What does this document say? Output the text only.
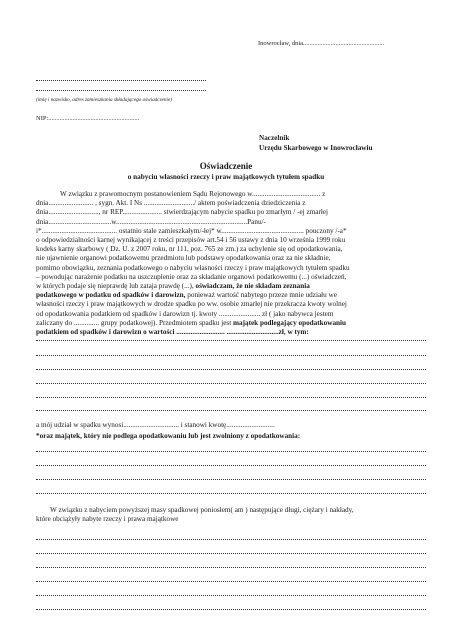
Inowrocław, dnia..................................................
(imię i nazwisko, adres zamieszkania składającego oświadczenie)
NIP:........................................................
Naczelnik
Urzędu Skarbowego w Inowrocławiu
Oświadczenie
o nabyciu własności rzeczy i praw majątkowych tytułem spadku
W związku z prawomocnym postanowieniem Sądu Rejonowego w...................................... z
dnia......................... , sygn. Akt. I Ns ............................/ aktem poświadczenia dziedziczenia z
dnia............................, nr REP...................... stwierdzającym nabycie spadku po zmarłym / -ej zmarłej
dnia...................................w.........................................................................Panu/-
i*.......................................... ostatnio stale zamieszkałym/-łej* w.............................................. pouczony /-a*
o odpowiedzialności karnej wynikającej z treści przepisów art.54 i 56 ustawy z dnia 10 września 1999 roku
kodeks karny skarbowy ( Dz. U. z 2007 roku, nr 111, poz. 765 ze zm.) za uchylenie się od opodatkowania,
nie ujawnienie organowi podatkowemu przedmiotu lub podstawy opodatkowania oraz za nie składnie,
pomimo obowiązku, zeznania podatkowego o nabyciu własności rzeczy i praw majątkowych tytułem spadku
– powodując narażenie podatku na uszczuplenie oraz za składanie organowi podatkowemu (...) oświadczeń,
w których podaje się nieprawdę lub zataja prawdę (...), oświadczam, że nie składam zeznania
podatkowego w podatku od spadków i darowizn, ponieważ wartość nabytego przeze mnie udziału we
własności rzeczy i praw majątkowych w drodze spadku po ww. osobie zmarłej nie przekracza kwoty wolnej
od opodatkowania podatkiem od spadków i darowizn tj. kwoty ....................... zł ( jako nabywca jestem
zaliczany do .............. grupy podatkowej). Przedmiotem spadku jest majątek podlegający opodatkowaniu
podatkiem od spadków i darowizn o wartości ........................... .............................zł, w tym:
a mój udział w spadku wynosi............................... i stanowi kwotę...........................
*oraz majątek, który nie podlega opodatkowaniu lub jest zwolniony z opodatkowania:
W związku z nabyciem powyższej masy spadkowej poniosłem( am ) następujące długi, ciężary i nakłady,
które obciążyły nabyte rzeczy i prawa majątkowe
